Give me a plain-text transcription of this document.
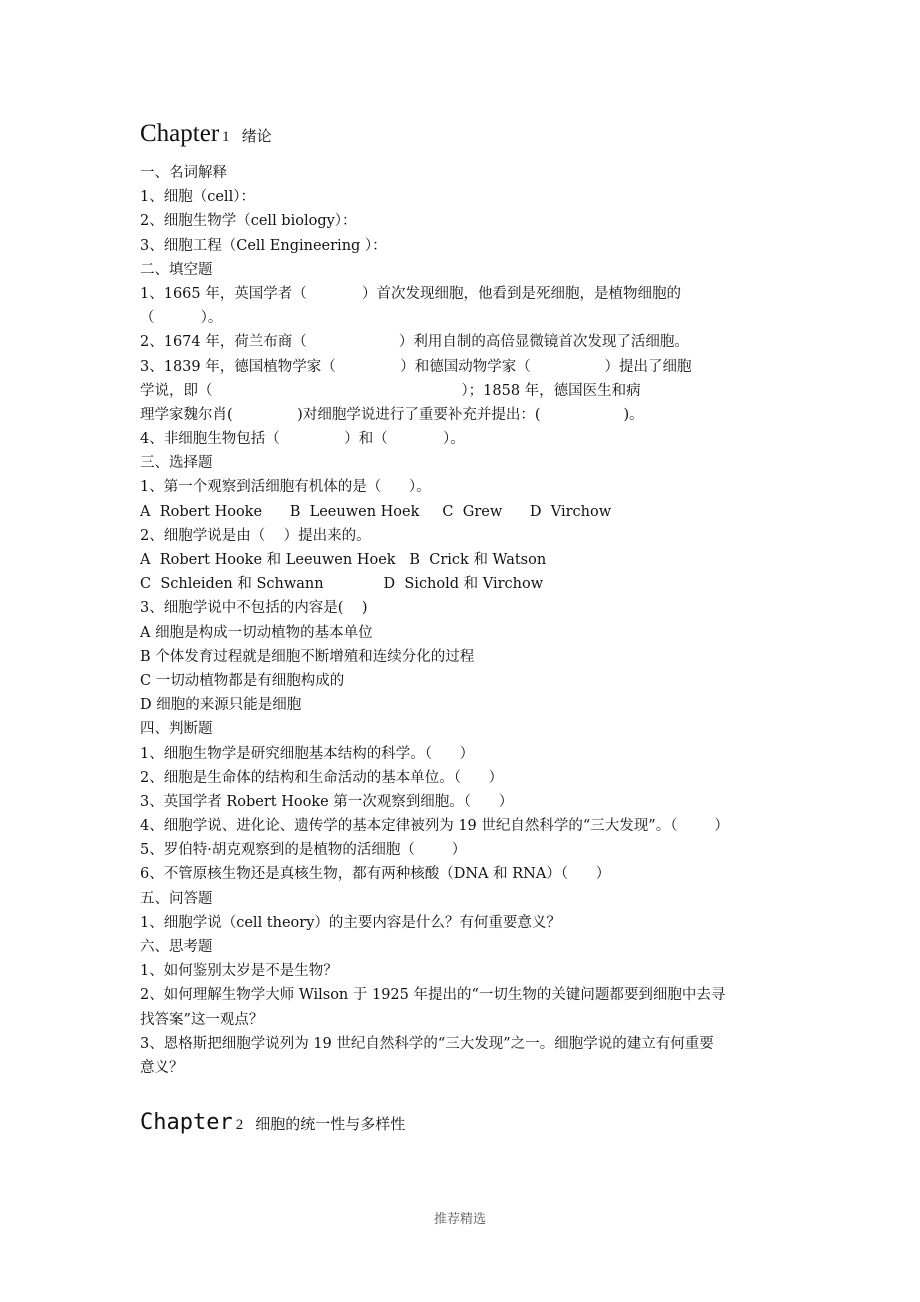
Chapter 1 绪论
一、名词解释
1、细胞（cell）：
2、细胞生物学（cell biology）：
3、细胞工程（Cell Engineering ）：
二、填空题
1、1665 年，英国学者（            ）首次发现细胞，他看到是死细胞，是植物细胞的
（          ）。
2、1674 年，荷兰布商（                    ）利用自制的高倍显微镜首次发现了活细胞。
3、1839 年，德国植物学家（              ）和德国动物学家（                ）提出了细胞
学说，即（                                                      ）；1858 年，德国医生和病
理学家魏尔肖(              )对细胞学说进行了重要补充并提出：(                  )。
4、非细胞生物包括（              ）和（            ）。
三、选择题
1、第一个观察到活细胞有机体的是（      ）。
A  Robert Hooke      B  Leeuwen Hoek     C  Grew      D  Virchow
2、细胞学说是由（    ）提出来的。
A  Robert Hooke 和 Leeuwen Hoek   B  Crick 和 Watson
C  Schleiden 和 Schwann             D  Sichold 和 Virchow
3、细胞学说中不包括的内容是(    )
A 细胞是构成一切动植物的基本单位
B 个体发育过程就是细胞不断增殖和连续分化的过程
C 一切动植物都是有细胞构成的
D 细胞的来源只能是细胞
四、判断题
1、细胞生物学是研究细胞基本结构的科学。（      ）
2、细胞是生命体的结构和生命活动的基本单位。（      ）
3、英国学者 Robert Hooke 第一次观察到细胞。（      ）
4、细胞学说、进化论、遗传学的基本定律被列为 19 世纪自然科学的“三大发现”。（        ）
5、罗伯特·胡克观察到的是植物的活细胞（        ）
6、不管原核生物还是真核生物，都有两种核酸（DNA 和 RNA）（      ）
五、问答题
1、细胞学说（cell theory）的主要内容是什么？有何重要意义？
六、思考题
1、如何鉴别太岁是不是生物？
2、如何理解生物学大师 Wilson 于 1925 年提出的“一切生物的关键问题都要到细胞中去寻
找答案”这一观点？
3、恩格斯把细胞学说列为 19 世纪自然科学的“三大发现”之一。细胞学说的建立有何重要
意义？
Chapter 2 细胞的统一性与多样性
推荐精选
